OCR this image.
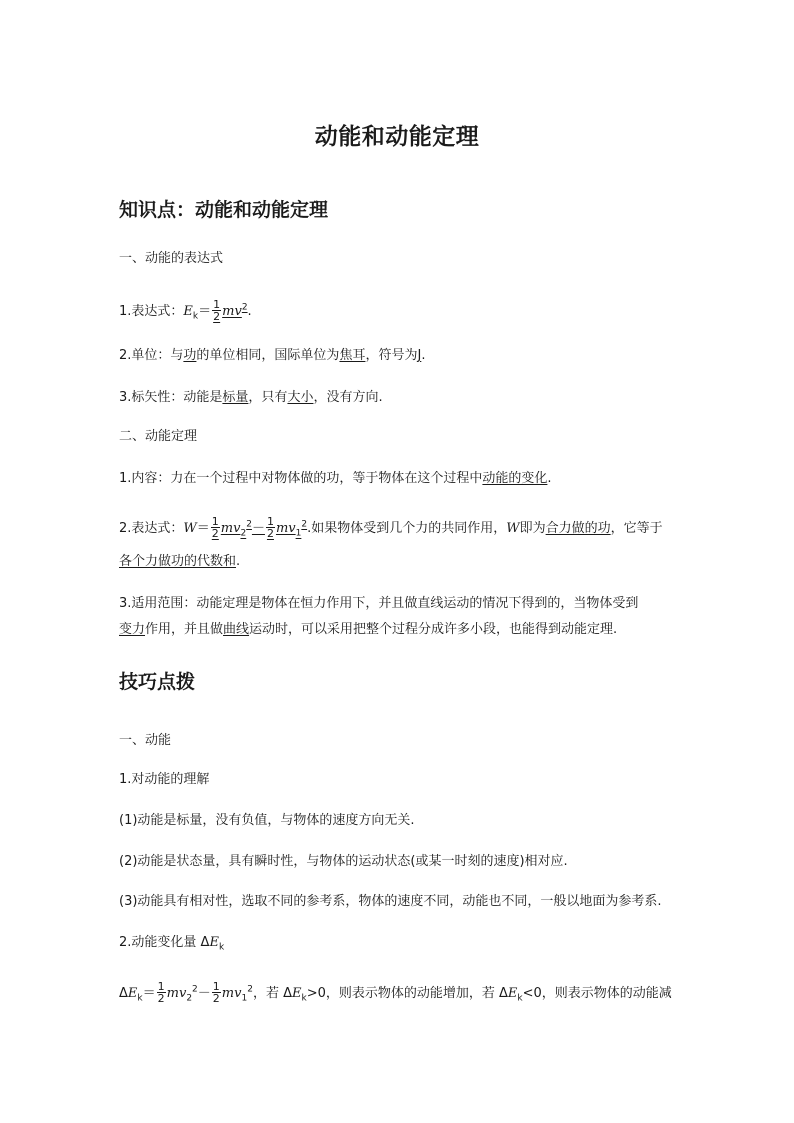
动能和动能定理
知识点：动能和动能定理
一、动能的表达式
1.表达式：$E_k= \frac{1}{2} mv^2$.
2.单位：与功的单位相同，国际单位为焦耳，符号为J.
3.标矢性：动能是标量，只有大小，没有方向.
二、动能定理
1.内容：力在一个过程中对物体做的功，等于物体在这个过程中动能的变化.
2.表达式：$W= \frac{1}{2} mv_2^2- \frac{1}{2} mv_1^2$.如果物体受到几个力的共同作用，W即为合力做的功，它等于
各个力做功的代数和.
3.适用范围：动能定理是物体在恒力作用下，并且做直线运动的情况下得到的，当物体受到
变力作用，并且做曲线运动时，可以采用把整个过程分成许多小段，也能得到动能定理.
技巧点拨
一、动能
1.对动能的理解
(1)动能是标量，没有负值，与物体的速度方向无关.
(2)动能是状态量，具有瞬时性，与物体的运动状态(或某一时刻的速度)相对应.
(3)动能具有相对性，选取不同的参考系，物体的速度不同，动能也不同，一般以地面为参考系.
2.动能变化量 $\Delta E_k$
$\Delta E_k= \frac{1}{2} mv_2^2- \frac{1}{2} mv_1^2$，若 $\Delta E_k>0$，则表示物体的动能增加，若 $\Delta E_k<0$，则表示物体的动能减
